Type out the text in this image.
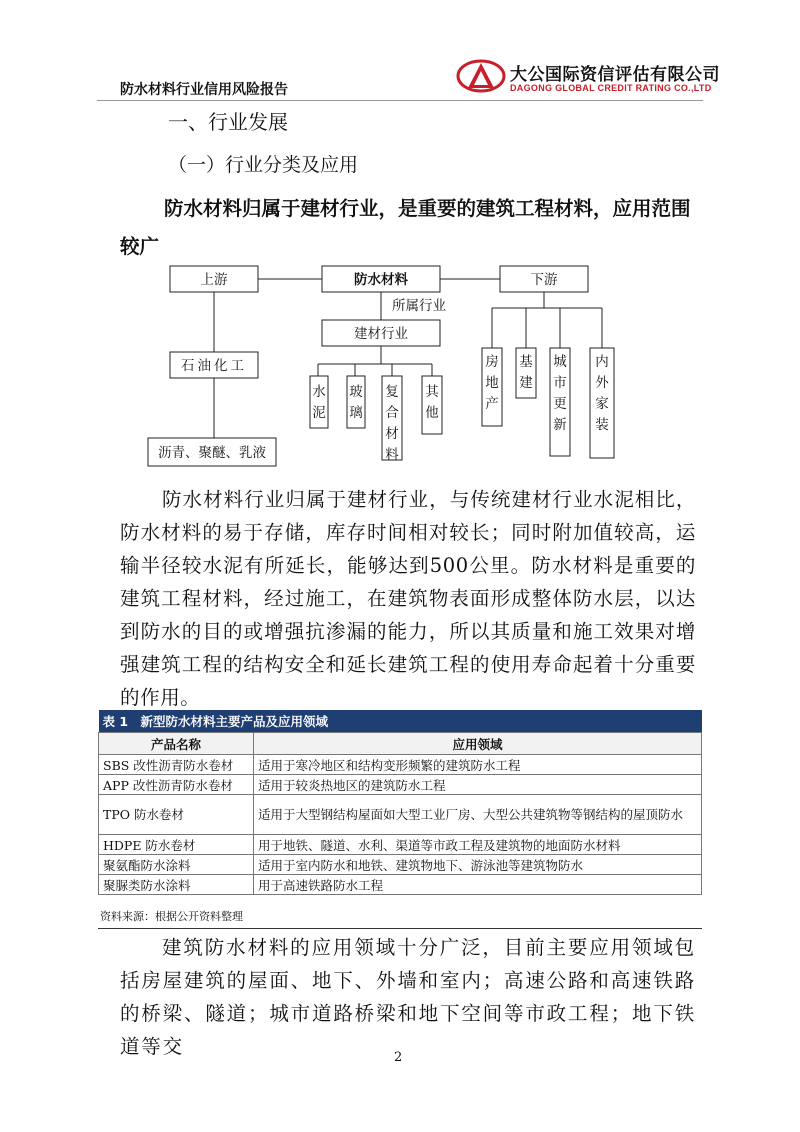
防水材料行业信用风险报告
大公国际资信评估有限公司
DAGONG GLOBAL CREDIT RATING CO.,LTD
一、行业发展
（一）行业分类及应用
防水材料归属于建材行业，是重要的建筑工程材料，应用范围较广
上游	防水材料	下游
所属行业
建材行业
石油化工
沥青、聚醚、乳液
水泥
玻璃
复合材料
其他
房地产
基建
城市更新
内外家装
防水材料行业归属于建材行业，与传统建材行业水泥相比，防水材料的易于存储，库存时间相对较长；同时附加值较高，运输半径较水泥有所延长，能够达到500公里。防水材料是重要的建筑工程材料，经过施工，在建筑物表面形成整体防水层，以达到防水的目的或增强抗渗漏的能力，所以其质量和施工效果对增强建筑工程的结构安全和延长建筑工程的使用寿命起着十分重要的作用。
表 1　新型防水材料主要产品及应用领域	
产品名称	应用领域
SBS 改性沥青防水卷材	适用于寒冷地区和结构变形频繁的建筑防水工程
APP 改性沥青防水卷材	适用于较炎热地区的建筑防水工程
TPO 防水卷材	适用于大型钢结构屋面如大型工业厂房、大型公共建筑物等钢结构的屋顶防水
HDPE 防水卷材	用于地铁、隧道、水利、渠道等市政工程及建筑物的地面防水材料
聚氨酯防水涂料	适用于室内防水和地铁、建筑物地下、游泳池等建筑物防水
聚脲类防水涂料	用于高速铁路防水工程
资料来源：根据公开资料整理
建筑防水材料的应用领域十分广泛，目前主要应用领域包括房屋建筑的屋面、地下、外墙和室内；高速公路和高速铁路的桥梁、隧道；城市道路桥梁和地下空间等市政工程；地下铁道等交	2
